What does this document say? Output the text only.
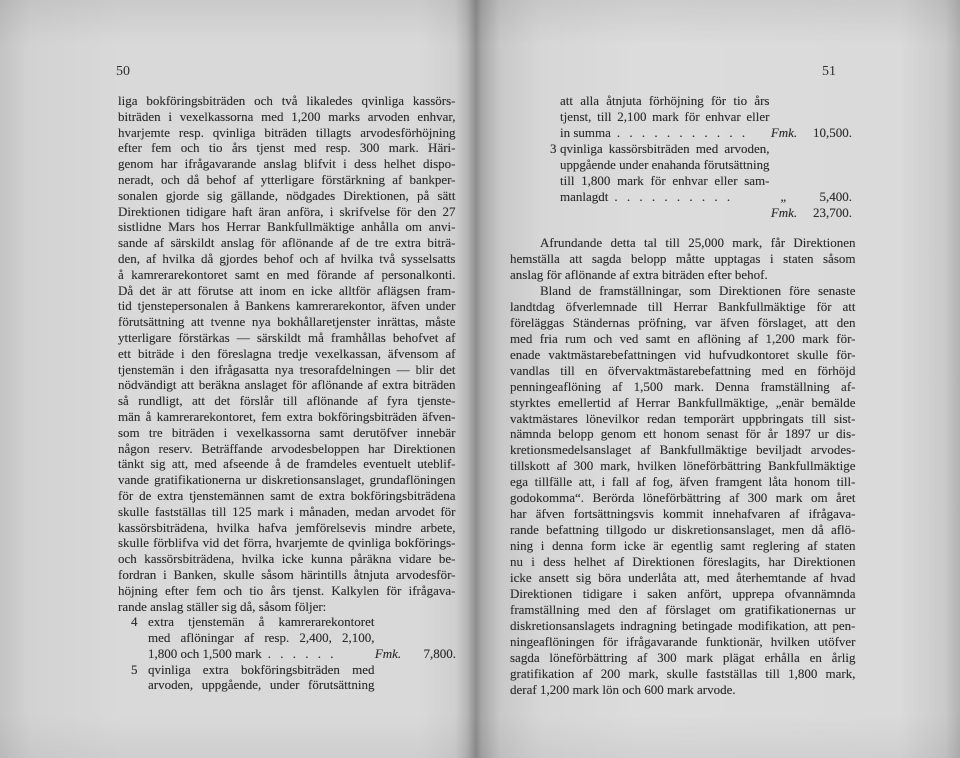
50
liga bokföringsbiträden och två likaledes qvinliga kassörs-
biträden i vexelkassorna med 1,200 marks arvoden enhvar,
hvarjemte resp. qvinliga biträden tillagts arvodesförhöjning
efter fem och tio års tjenst med resp. 300 mark. Häri-
genom har ifrågavarande anslag blifvit i dess helhet dispo-
neradt, och då behof af ytterligare förstärkning af bankper-
sonalen gjorde sig gällande, nödgades Direktionen, på sätt
Direktionen tidigare haft äran anföra, i skrifvelse för den 27
sistlidne Mars hos Herrar Bankfullmäktige anhålla om anvi-
sande af särskildt anslag för aflönande af de tre extra biträ-
den, af hvilka då gjordes behof och af hvilka två sysselsatts
å kamrerarekontoret samt en med förande af personalkonti.
Då det är att förutse att inom en icke alltför aflägsen fram-
tid tjenstepersonalen å Bankens kamrerarekontor, äfven under
förutsättning att tvenne nya bokhållaretjenster inrättas, måste
ytterligare förstärkas — särskildt må framhållas behofvet af
ett biträde i den föreslagna tredje vexelkassan, äfvensom af
tjenstemän i den ifrågasatta nya tresorafdelningen — blir det
nödvändigt att beräkna anslaget för aflönande af extra biträden
så rundligt, att det förslår till aflönande af fyra tjenste-
män å kamrerarekontoret, fem extra bokföringsbiträden äfven-
som tre biträden i vexelkassorna samt derutöfver innebär
någon reserv. Beträffande arvodesbeloppen har Direktionen
tänkt sig att, med afseende å de framdeles eventuelt uteblif-
vande gratifikationerna ur diskretionsanslaget, grundaflöningen
för de extra tjenstemännen samt de extra bokföringsbiträdena
skulle fastställas till 125 mark i månaden, medan arvodet för
kassörsbiträdena, hvilka hafva jemförelsevis mindre arbete,
skulle förblifva vid det förra, hvarjemte de qvinliga bokförings-
och kassörsbiträdena, hvilka icke kunna påräkna vidare be-
fordran i Banken, skulle såsom härintills åtnjuta arvodesför-
höjning efter fem och tio års tjenst. Kalkylen för ifrågava-
rande anslag ställer sig då, såsom följer:
4 extra tjenstemän å kamrerarekontoret
med aflöningar af resp. 2,400, 2,100,
1,800 och 1,500 mark . . . . . .	Fmk.	7,800.
5 qvinliga extra bokföringsbiträden med
arvoden, uppgående, under förutsättning
51
att alla åtnjuta förhöjning för tio års
tjenst, till 2,100 mark för enhvar eller
in summa . . . . . . . . . . . Fmk.	10,500.
3 qvinliga kassörsbiträden med arvoden,
uppgående under enahanda förutsättning
till 1,800 mark för enhvar eller sam-
manlagdt . . . . . . . . . .	„	5,400.
Fmk.	23,700.
Afrundande detta tal till 25,000 mark, får Direktionen
hemställa att sagda belopp måtte upptagas i staten såsom
anslag för aflönande af extra biträden efter behof.
Bland de framställningar, som Direktionen före senaste
landtdag öfverlemnade till Herrar Bankfullmäktige för att
föreläggas Ständernas pröfning, var äfven förslaget, att den
med fria rum och ved samt en aflöning af 1,200 mark för-
enade vaktmästarebefattningen vid hufvudkontoret skulle för-
vandlas till en öfvervaktmästarebefattning med en förhöjd
penningeaflöning af 1,500 mark. Denna framställning af-
styrktes emellertid af Herrar Bankfullmäktige, „enär bemälde
vaktmästares lönevilkor redan temporärt uppbringats till sist-
nämnda belopp genom ett honom senast för år 1897 ur dis-
kretionsmedelsanslaget af Bankfullmäktige beviljadt arvodes-
tillskott af 300 mark, hvilken löneförbättring Bankfullmäktige
ega tillfälle att, i fall af fog, äfven framgent låta honom till-
godokomma“. Berörda löneförbättring af 300 mark om året
har äfven fortsättningsvis kommit innehafvaren af ifrågava-
rande befattning tillgodo ur diskretionsanslaget, men då aflö-
ning i denna form icke är egentlig samt reglering af staten
nu i dess helhet af Direktionen föreslagits, har Direktionen
icke ansett sig böra underlåta att, med återhemtande af hvad
Direktionen tidigare i saken anfört, upprepa ofvannämnda
framställning med den af förslaget om gratifikationernas ur
diskretionsanslagets indragning betingade modifikation, att pen-
ningeaflöningen för ifrågavarande funktionär, hvilken utöfver
sagda löneförbättring af 300 mark plägat erhålla en årlig
gratifikation af 200 mark, skulle fastställas till 1,800 mark,
deraf 1,200 mark lön och 600 mark arvode.
